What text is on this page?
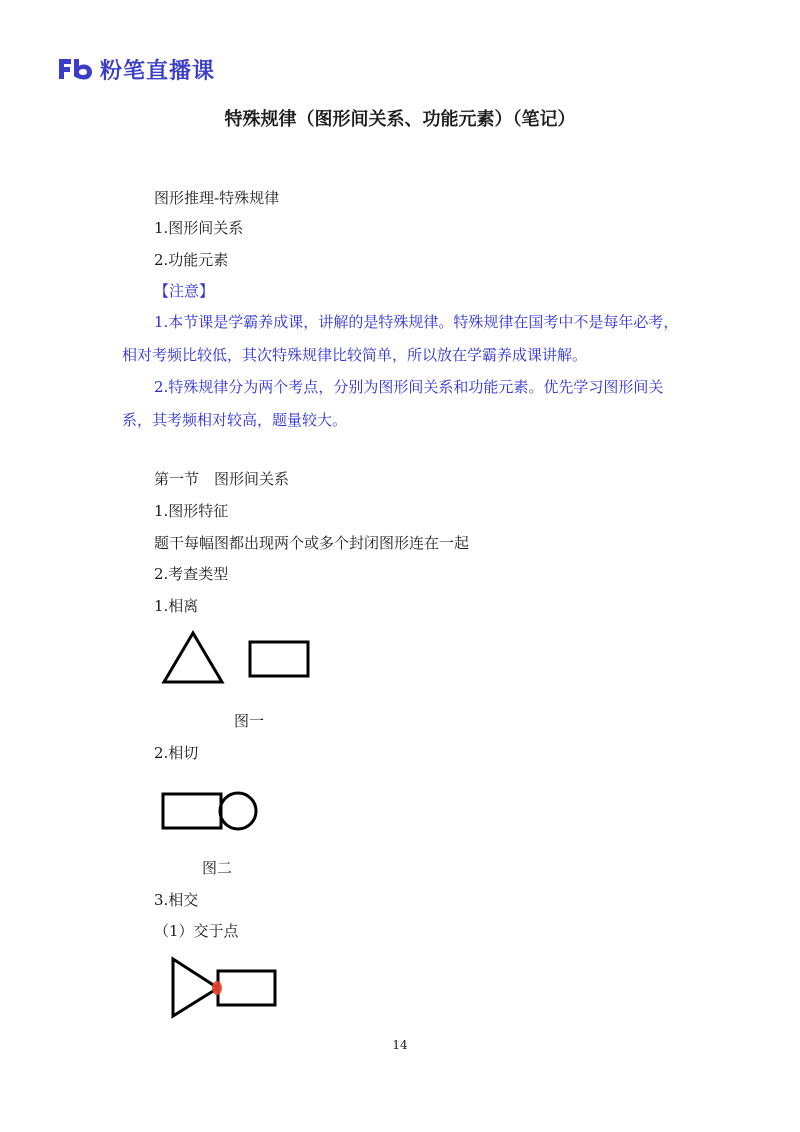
粉笔直播课
特殊规律（图形间关系、功能元素）（笔记）
图形推理-特殊规律
1.图形间关系
2.功能元素
【注意】
1.本节课是学霸养成课，讲解的是特殊规律。特殊规律在国考中不是每年必考，相对考频比较低，其次特殊规律比较简单，所以放在学霸养成课讲解。
2.特殊规律分为两个考点，分别为图形间关系和功能元素。优先学习图形间关系，其考频相对较高，题量较大。
第一节　图形间关系
1.图形特征
题干每幅图都出现两个或多个封闭图形连在一起
2.考查类型
1.相离
图一
2.相切
图二
3.相交
（1）交于点
14
